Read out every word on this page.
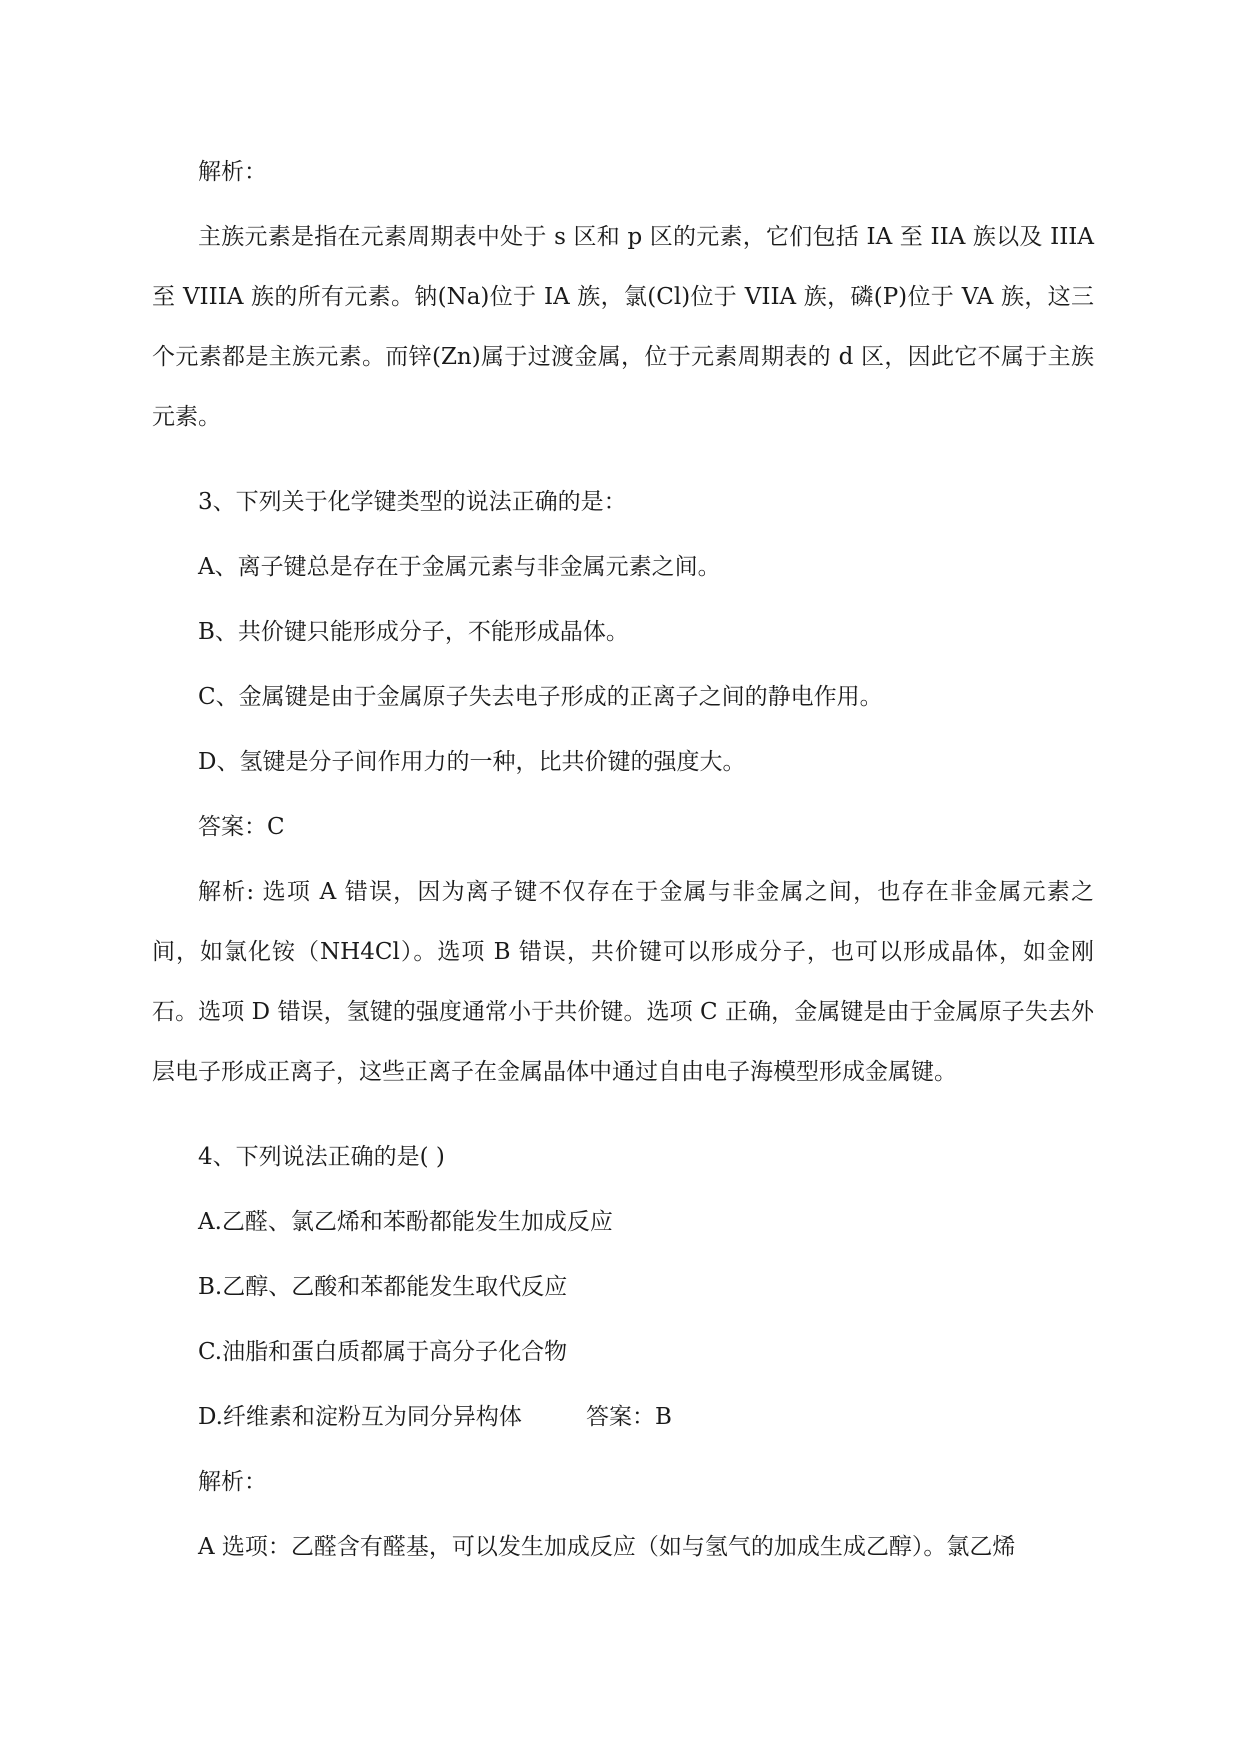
解析：

主族元素是指在元素周期表中处于 s 区和 p 区的元素，它们包括 IA 至 IIA 族以及 IIIA 至 VIIIA 族的所有元素。钠(Na)位于 IA 族，氯(Cl)位于 VIIA 族，磷(P)位于 VA 族，这三个元素都是主族元素。而锌(Zn)属于过渡金属，位于元素周期表的 d 区，因此它不属于主族元素。

3、下列关于化学键类型的说法正确的是：
A、离子键总是存在于金属元素与非金属元素之间。
B、共价键只能形成分子，不能形成晶体。
C、金属键是由于金属原子失去电子形成的正离子之间的静电作用。
D、氢键是分子间作用力的一种，比共价键的强度大。
答案：C

解析: 选项 A 错误，因为离子键不仅存在于金属与非金属之间，也存在非金属元素之间，如氯化铵（NH4Cl）。选项 B 错误，共价键可以形成分子，也可以形成晶体，如金刚石。选项 D 错误，氢键的强度通常小于共价键。选项 C 正确，金属键是由于金属原子失去外层电子形成正离子，这些正离子在金属晶体中通过自由电子海模型形成金属键。

4、下列说法正确的是( )
A.乙醛、氯乙烯和苯酚都能发生加成反应
B.乙醇、乙酸和苯都能发生取代反应
C.油脂和蛋白质都属于高分子化合物
D.纤维素和淀粉互为同分异构体	答案：B
解析：
A 选项：乙醛含有醛基，可以发生加成反应（如与氢气的加成生成乙醇）。氯乙烯
